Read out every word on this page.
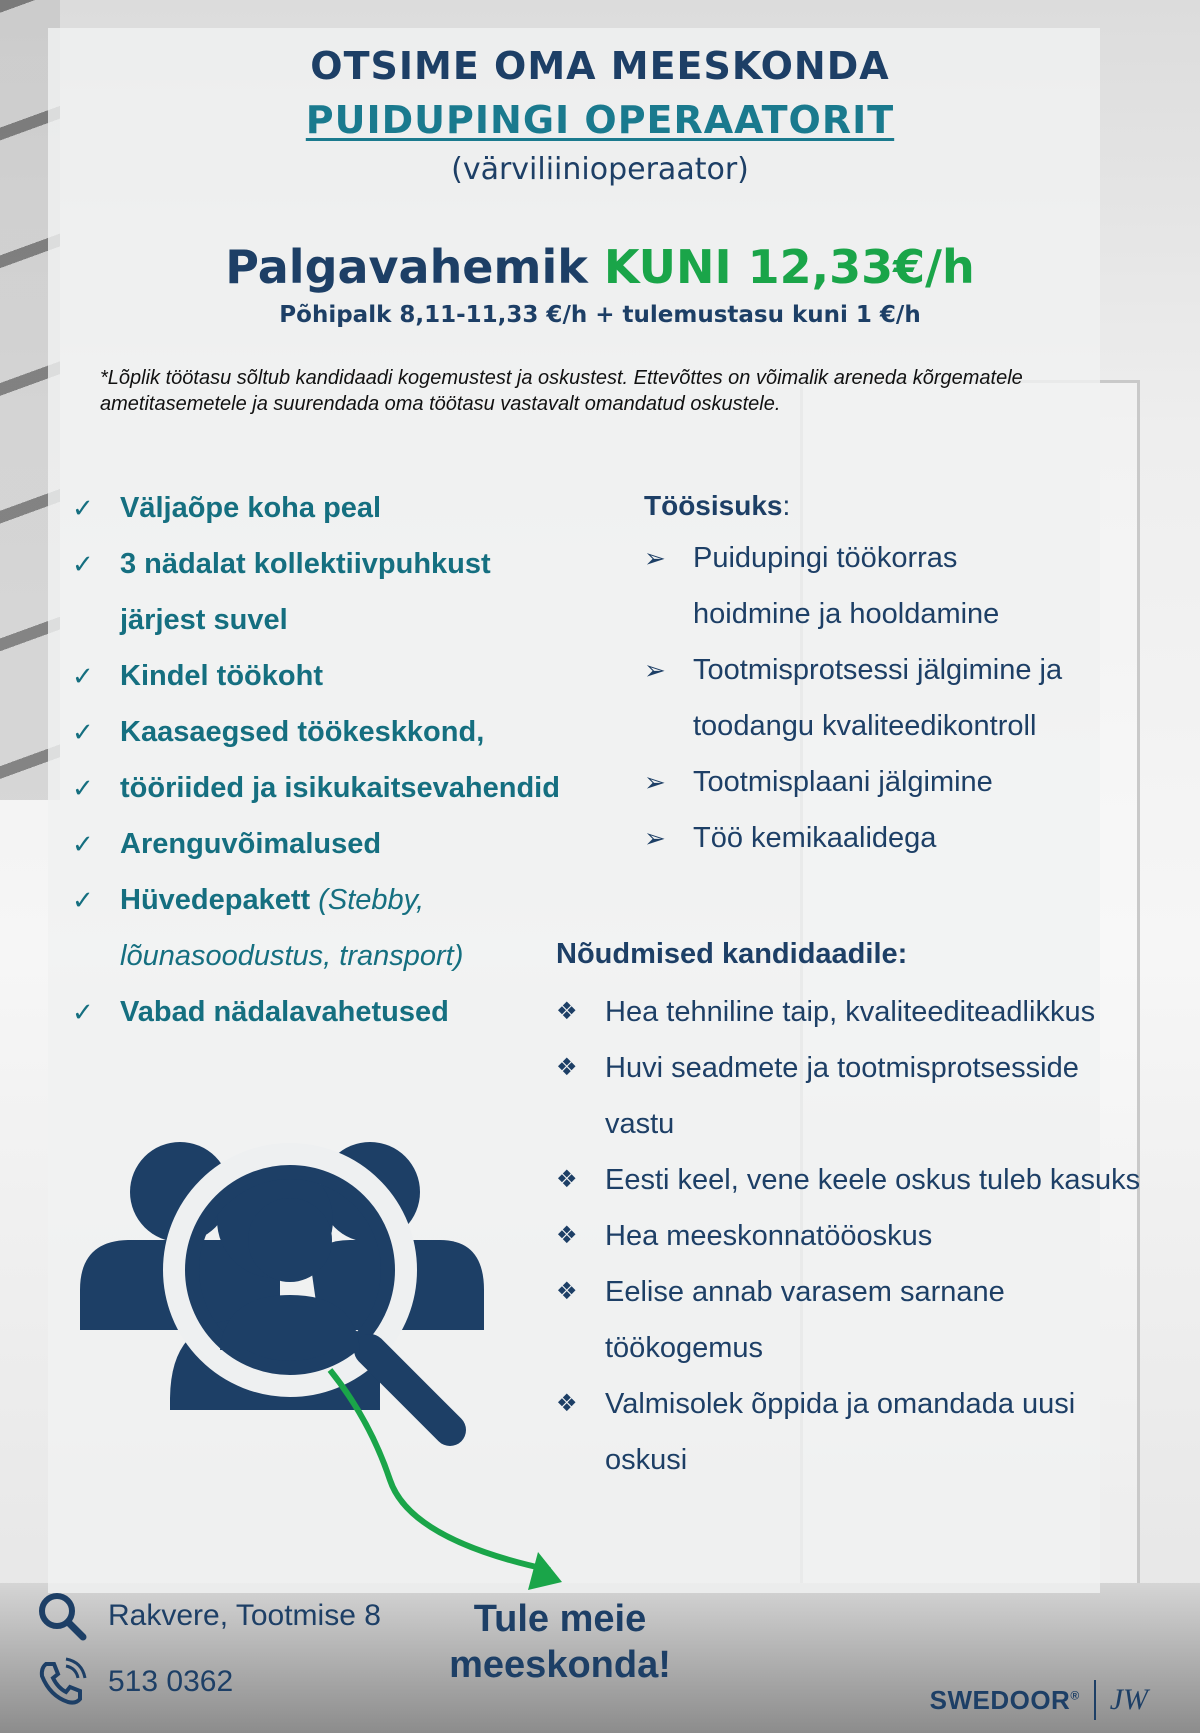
OTSIME OMA MEESKONDA
PUIDUPINGI OPERAATORIT
(värviliinioperaator)
Palgavahemik KUNI 12,33€/h
Põhipalk 8,11-11,33 €/h + tulemustasu kuni 1 €/h
*Lõplik töötasu sõltub kandidaadi kogemustest ja oskustest. Ettevõttes on võimalik areneda kõrgematele ametitasemetele ja suurendada oma töötasu vastavalt omandatud oskustele.
✓ Väljaõpe koha peal
✓ 3 nädalat kollektiivpuhkust
järjest suvel
✓ Kindel töökoht
✓ Kaasaegsed töökeskkond,
✓ tööriided ja isikukaitsevahendid
✓ Arenguvõimalused
✓ Hüvedepakett (Stebby,
lõunasoodustus, transport)
✓ Vabad nädalavahetused
Töösisuks:
➢ Puidupingi töökorras
hoidmine ja hooldamine
➢ Tootmisprotsessi jälgimine ja
toodangu kvaliteedikontroll
➢ Tootmisplaani jälgimine
➢ Töö kemikaalidega
Nõudmised kandidaadile:
❖ Hea tehniline taip, kvaliteediteadlikkus
❖ Huvi seadmete ja tootmisprotsesside
vastu
❖ Eesti keel, vene keele oskus tuleb kasuks
❖ Hea meeskonnatööoskus
❖ Eelise annab varasem sarnane
töökogemus
❖ Valmisolek õppida ja omandada uusi
oskusi
Rakvere, Tootmise 8
513 0362
Tule meie
meeskonda!
SWEDOOR® JW
